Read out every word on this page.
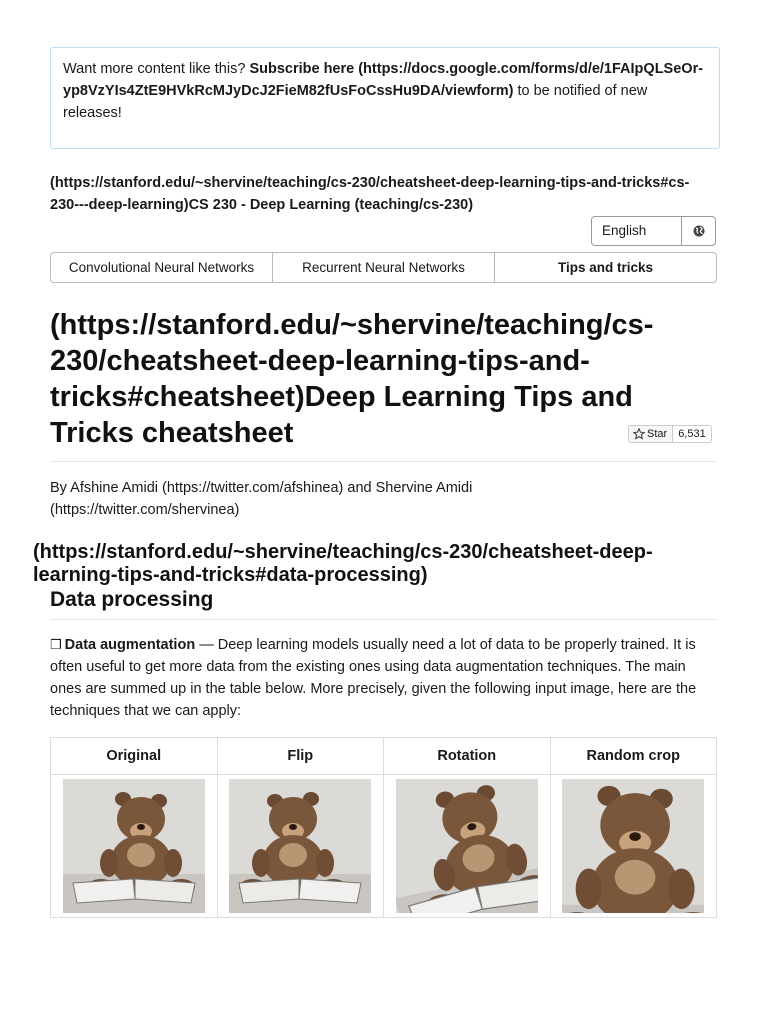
Want more content like this? Subscribe here (https://docs.google.com/forms/d/e/1FAIpQLSeOr-yp8VzYIs4ZtE9HVkRcMJyDcJ2FieM82fUsFoCssHu9DA/viewform) to be notified of new releases!
(https://stanford.edu/~shervine/teaching/cs-230/cheatsheet-deep-learning-tips-and-tricks#cs-230---deep-learning)CS 230 - Deep Learning (teaching/cs-230)
English
Convolutional Neural Networks	Recurrent Neural Networks	Tips and tricks
(https://stanford.edu/~shervine/teaching/cs-230/cheatsheet-deep-learning-tips-and-tricks#cheatsheet)Deep Learning Tips and Tricks cheatsheet	Star	6,531
By Afshine Amidi (https://twitter.com/afshinea) and Shervine Amidi (https://twitter.com/shervinea)
(https://stanford.edu/~shervine/teaching/cs-230/cheatsheet-deep-learning-tips-and-tricks#data-processing)
Data processing
❒ Data augmentation — Deep learning models usually need a lot of data to be properly trained. It is often useful to get more data from the existing ones using data augmentation techniques. The main ones are summed up in the table below. More precisely, given the following input image, here are the techniques that we can apply:
Original	Flip	Rotation	Random crop
